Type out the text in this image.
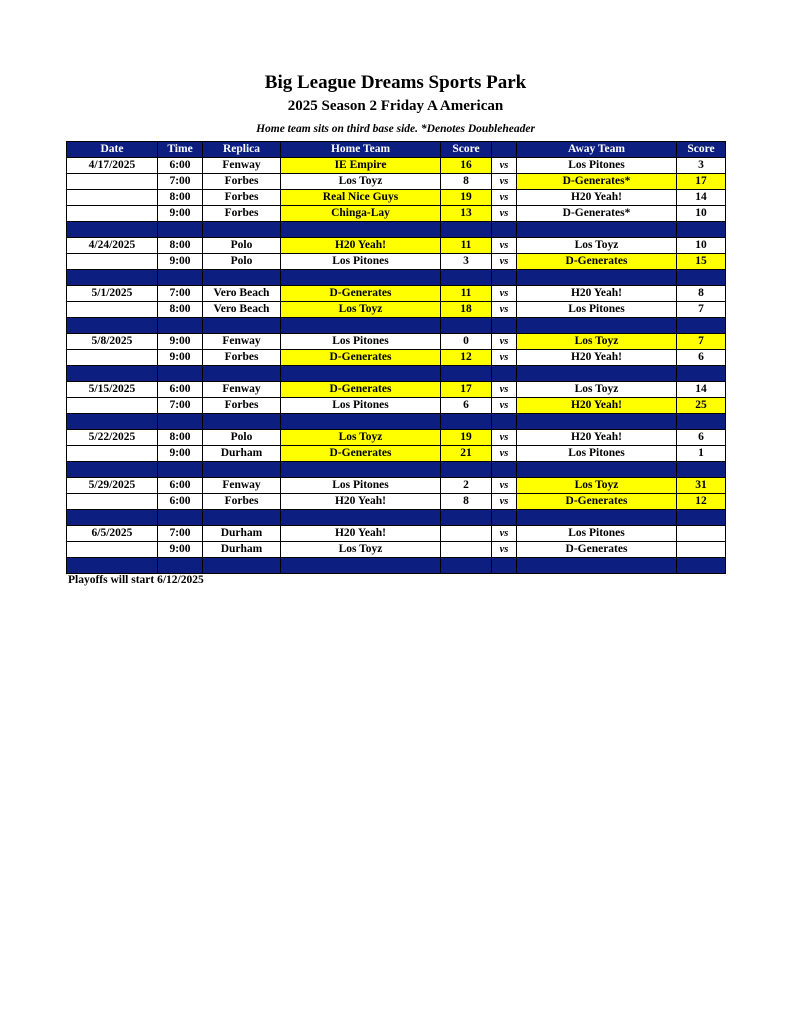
Big League Dreams Sports Park
2025 Season 2 Friday A American
Home team sits on third base side. *Denotes Doubleheader
Date	Time	Replica	Home Team	Score		Away Team	Score
4/17/2025	6:00	Fenway	IE Empire	16	vs	Los Pitones	3
	7:00	Forbes	Los Toyz	8	vs	D-Generates*	17
	8:00	Forbes	Real Nice Guys	19	vs	H20 Yeah!	14
	9:00	Forbes	Chinga-Lay	13	vs	D-Generates*	10

4/24/2025	8:00	Polo	H20 Yeah!	11	vs	Los Toyz	10
	9:00	Polo	Los Pitones	3	vs	D-Generates	15

5/1/2025	7:00	Vero Beach	D-Generates	11	vs	H20 Yeah!	8
	8:00	Vero Beach	Los Toyz	18	vs	Los Pitones	7

5/8/2025	9:00	Fenway	Los Pitones	0	vs	Los Toyz	7
	9:00	Forbes	D-Generates	12	vs	H20 Yeah!	6

5/15/2025	6:00	Fenway	D-Generates	17	vs	Los Toyz	14
	7:00	Forbes	Los Pitones	6	vs	H20 Yeah!	25

5/22/2025	8:00	Polo	Los Toyz	19	vs	H20 Yeah!	6
	9:00	Durham	D-Generates	21	vs	Los Pitones	1

5/29/2025	6:00	Fenway	Los Pitones	2	vs	Los Toyz	31
	6:00	Forbes	H20 Yeah!	8	vs	D-Generates	12

6/5/2025	7:00	Durham	H20 Yeah!		vs	Los Pitones	
	9:00	Durham	Los Toyz		vs	D-Generates	

Playoffs will start 6/12/2025
